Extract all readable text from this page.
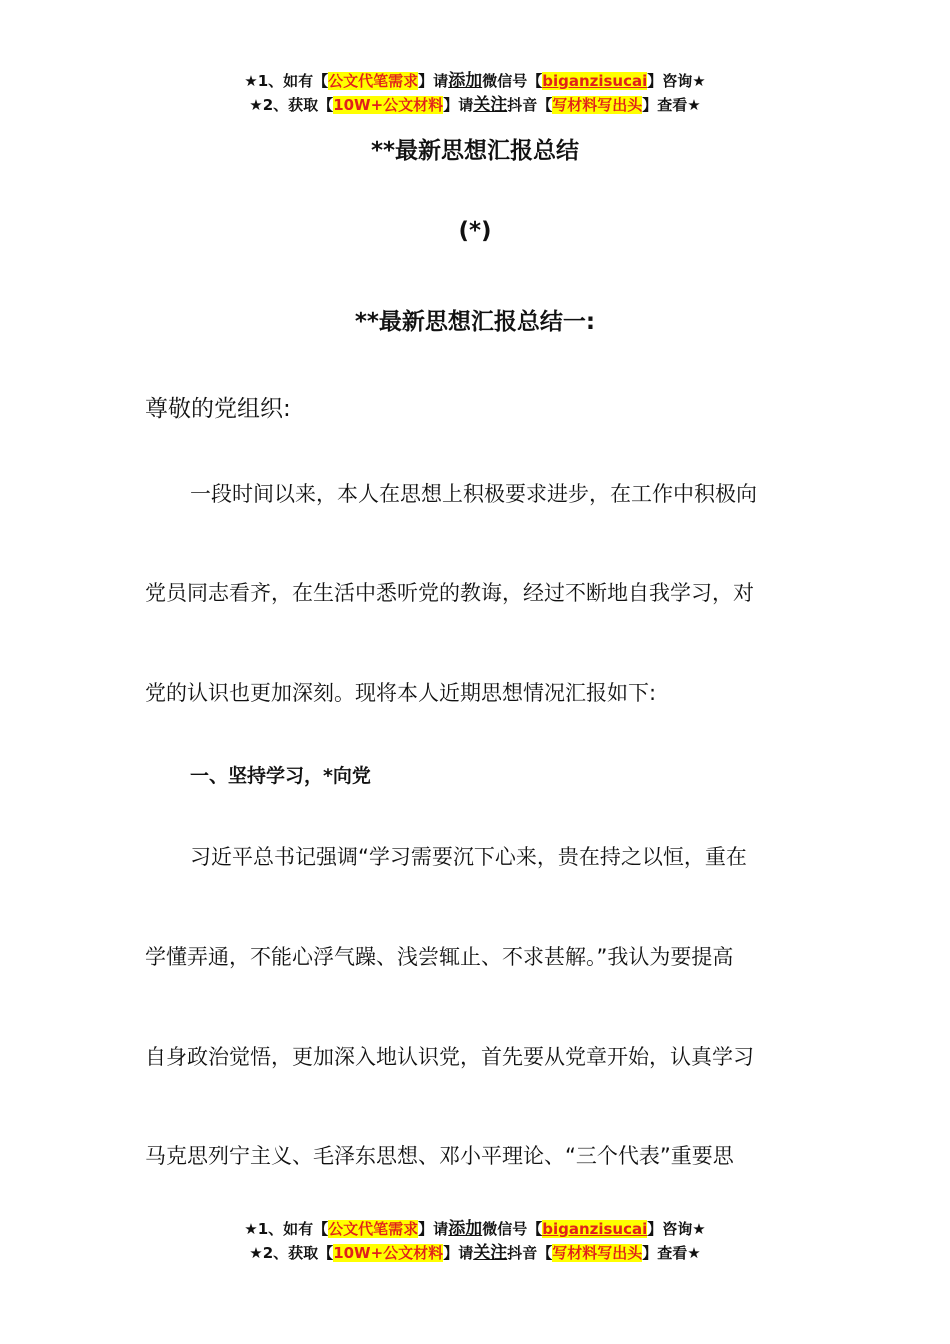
★1、如有【公文代笔需求】请添加微信号【biganzisucai】咨询★
★2、获取【10W+公文材料】请关注抖音【写材料写出头】查看★
**最新思想汇报总结
(*)
**最新思想汇报总结一:
尊敬的党组织:
一段时间以来，本人在思想上积极要求进步，在工作中积极向
党员同志看齐，在生活中悉听党的教诲，经过不断地自我学习，对
党的认识也更加深刻。现将本人近期思想情况汇报如下:
一、坚持学习，*向党
习近平总书记强调“学习需要沉下心来，贵在持之以恒，重在
学懂弄通，不能心浮气躁、浅尝辄止、不求甚解。”我认为要提高
自身政治觉悟，更加深入地认识党，首先要从党章开始，认真学习
马克思列宁主义、毛泽东思想、邓小平理论、“三个代表”重要思
★1、如有【公文代笔需求】请添加微信号【biganzisucai】咨询★
★2、获取【10W+公文材料】请关注抖音【写材料写出头】查看★
